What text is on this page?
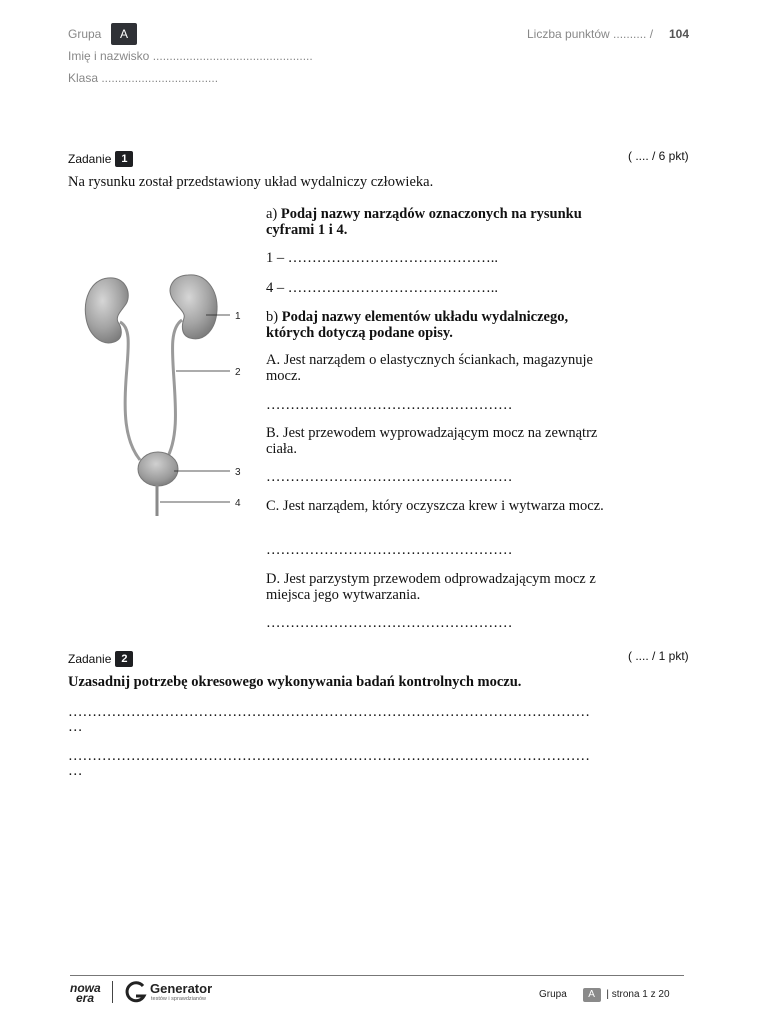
Grupa	A	Liczba punktów .......... / 104
Imię i nazwisko ................................................
Klasa ...................................
Zadanie 1	( .... / 6 pkt)
Na rysunku został przedstawiony układ wydalniczy człowieka.
a) Podaj nazwy narządów oznaczonych na rysunku cyframi 1 i 4.
1 – ……………………………………..
4 – ……………………………………..
b) Podaj nazwy elementów układu wydalniczego, których dotyczą podane opisy.
A. Jest narządem o elastycznych ściankach, magazynuje mocz.
……………………………………………
B. Jest przewodem wyprowadzającym mocz na zewnątrz ciała.
……………………………………………
C. Jest narządem, który oczyszcza krew i wytwarza mocz.
……………………………………………
D. Jest parzystym przewodem odprowadzającym mocz z miejsca jego wytwarzania.
……………………………………………
1
2
3
4
Zadanie 2	( .... / 1 pkt)
Uzasadnij potrzebę okresowego wykonywania badań kontrolnych moczu.
………………………………………………………………………………………………
…
………………………………………………………………………………………………
…
nowa
era
Generator
testów i sprawdzianów	Grupa A | strona 1 z 20
